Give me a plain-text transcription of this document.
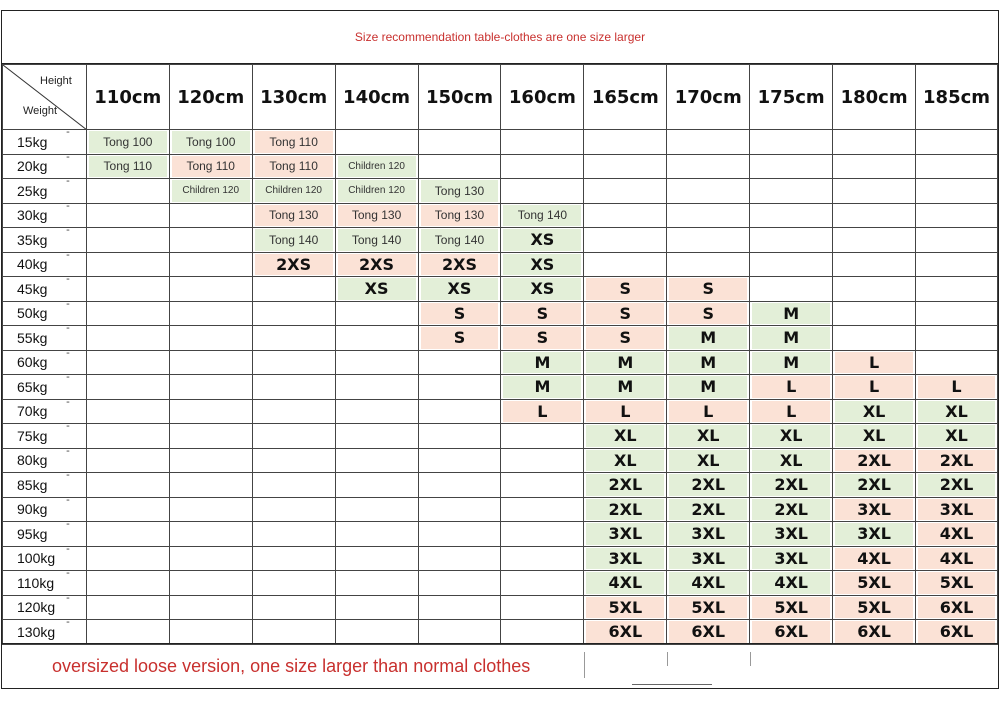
Size recommendation table-clothes are one size larger
Height
Weight	110cm	120cm	130cm	140cm	150cm	160cm	165cm	170cm	175cm	180cm	185cm
15kg -	Tong 100	Tong 100	Tong 110								

20kg -	Tong 110	Tong 110	Tong 110	Children 120							

25kg -		Children 120	Children 120	Children 120	Tong 130						

30kg -			Tong 130	Tong 130	Tong 130	Tong 140					

35kg -			Tong 140	Tong 140	Tong 140	XS					

40kg -			2XS	2XS	2XS	XS					

45kg -				XS	XS	XS	S	S			

50kg -					S	S	S	S	M		

55kg -					S	S	S	M	M		

60kg -						M	M	M	M	L	

65kg -						M	M	M	L	L	L

70kg -						L	L	L	L	XL	XL

75kg -							XL	XL	XL	XL	XL

80kg -							XL	XL	XL	2XL	2XL

85kg -							2XL	2XL	2XL	2XL	2XL

90kg -							2XL	2XL	2XL	3XL	3XL

95kg -							3XL	3XL	3XL	3XL	4XL

100kg -							3XL	3XL	3XL	4XL	4XL

110kg -							4XL	4XL	4XL	5XL	5XL

120kg -							5XL	5XL	5XL	5XL	6XL

130kg -							6XL	6XL	6XL	6XL	6XL
oversized loose version, one size larger than normal clothes
